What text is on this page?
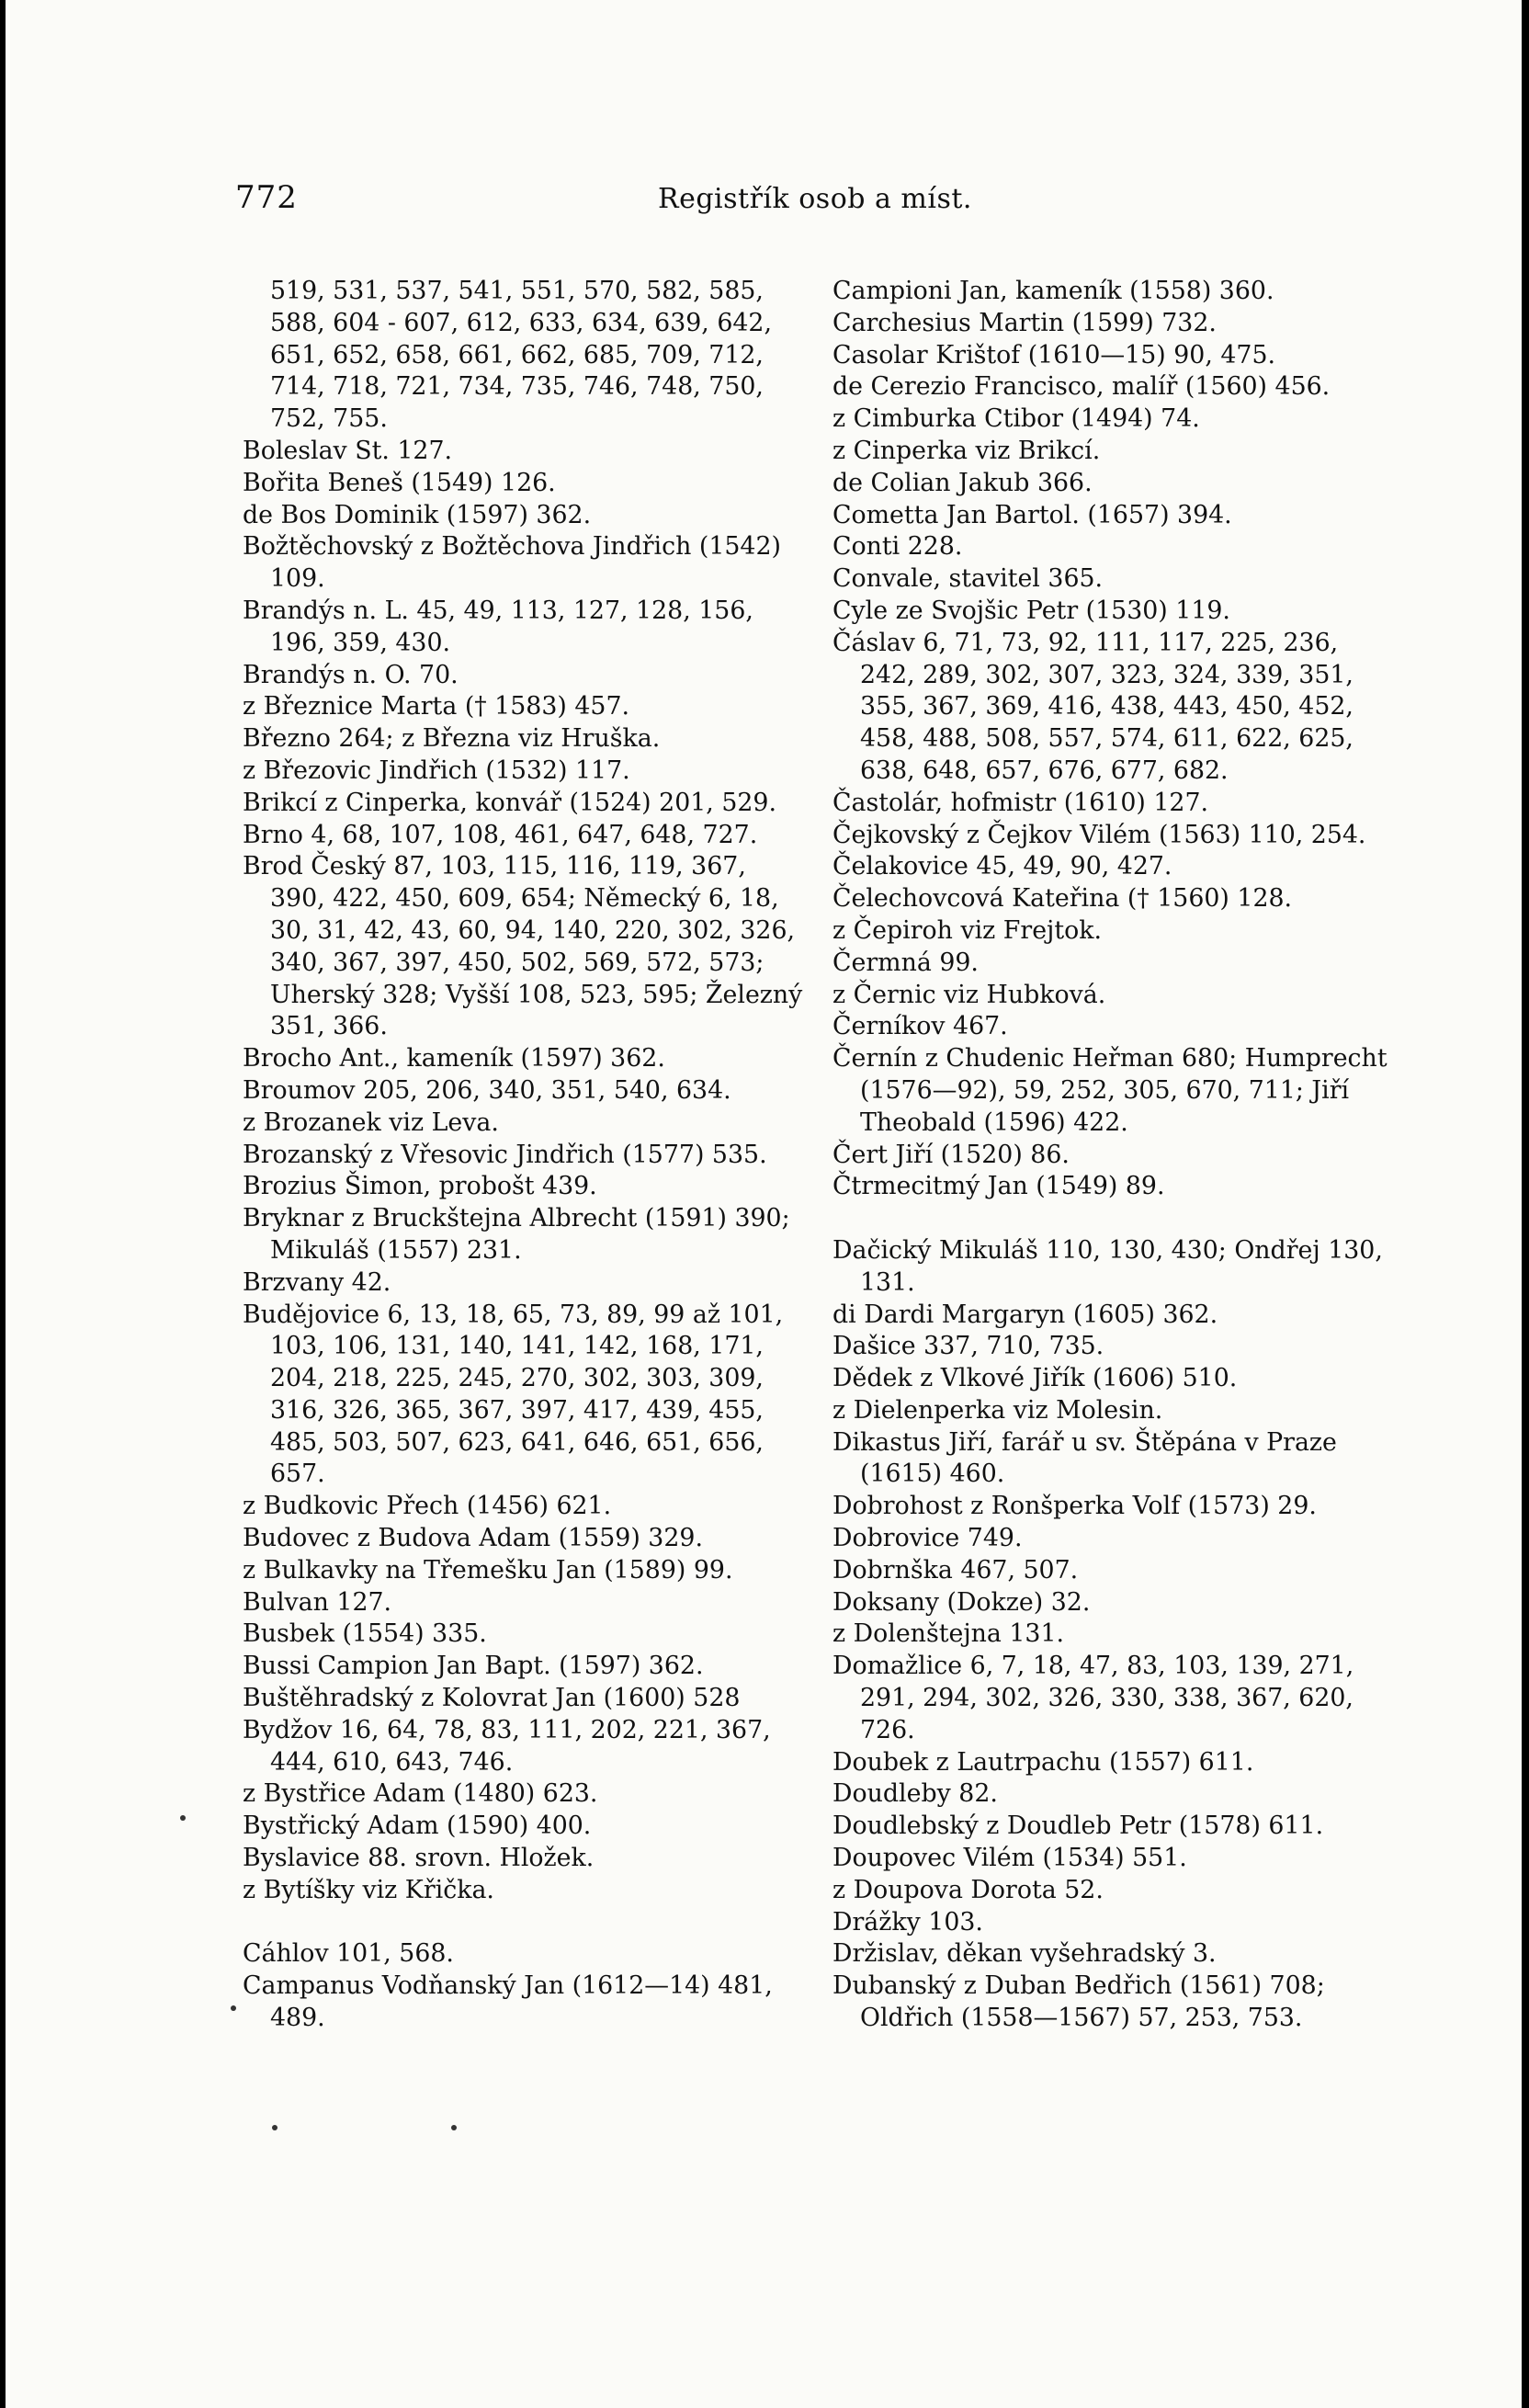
772	Registřík osob a míst.

519, 531, 537, 541, 551, 570, 582, 585, 588, 604 - 607, 612, 633, 634, 639, 642, 651, 652, 658, 661, 662, 685, 709, 712, 714, 718, 721, 734, 735, 746, 748, 750, 752, 755.

Boleslav St. 127.

Bořita Beneš (1549) 126.

de Bos Dominik (1597) 362.

Božtěchovský z Božtěchova Jindřich (1542) 109.

Brandýs n. L. 45, 49, 113, 127, 128, 156, 196, 359, 430.

Brandýs n. O. 70.

z Březnice Marta († 1583) 457.

Březno 264; z Března viz Hruška.

z Březovic Jindřich (1532) 117.

Brikcí z Cinperka, konvář (1524) 201, 529.

Brno 4, 68, 107, 108, 461, 647, 648, 727.

Brod Český 87, 103, 115, 116, 119, 367, 390, 422, 450, 609, 654; Německý 6, 18, 30, 31, 42, 43, 60, 94, 140, 220, 302, 326, 340, 367, 397, 450, 502, 569, 572, 573; Uherský 328; Vyšší 108, 523, 595; Železný 351, 366.

Brocho Ant., kameník (1597) 362.

Broumov 205, 206, 340, 351, 540, 634.

z Brozanek viz Leva.

Brozanský z Vřesovic Jindřich (1577) 535.

Brozius Šimon, probošt 439.

Bryknar z Bruckštejna Albrecht (1591) 390; Mikuláš (1557) 231.

Brzvany 42.

Budějovice 6, 13, 18, 65, 73, 89, 99 až 101, 103, 106, 131, 140, 141, 142, 168, 171, 204, 218, 225, 245, 270, 302, 303, 309, 316, 326, 365, 367, 397, 417, 439, 455, 485, 503, 507, 623, 641, 646, 651, 656, 657.

z Budkovic Přech (1456) 621.

Budovec z Budova Adam (1559) 329.

z Bulkavky na Třemešku Jan (1589) 99.

Bulvan 127.

Busbek (1554) 335.

Bussi Campion Jan Bapt. (1597) 362.

Buštěhradský z Kolovrat Jan (1600) 528

Bydžov 16, 64, 78, 83, 111, 202, 221, 367, 444, 610, 643, 746.

z Bystřice Adam (1480) 623.

Bystřický Adam (1590) 400.

Byslavice 88. srovn. Hložek.

z Bytíšky viz Křička.

Cáhlov 101, 568.

Campanus Vodňanský Jan (1612—14) 481, 489.

Campioni Jan, kameník (1558) 360.

Carchesius Martin (1599) 732.

Casolar Krištof (1610—15) 90, 475.

de Cerezio Francisco, malíř (1560) 456.

z Cimburka Ctibor (1494) 74.

z Cinperka viz Brikcí.

de Colian Jakub 366.

Cometta Jan Bartol. (1657) 394.

Conti 228.

Convale, stavitel 365.

Cyle ze Svojšic Petr (1530) 119.

Čáslav 6, 71, 73, 92, 111, 117, 225, 236, 242, 289, 302, 307, 323, 324, 339, 351, 355, 367, 369, 416, 438, 443, 450, 452, 458, 488, 508, 557, 574, 611, 622, 625, 638, 648, 657, 676, 677, 682.

Častolár, hofmistr (1610) 127.

Čejkovský z Čejkov Vilém (1563) 110, 254.

Čelakovice 45, 49, 90, 427.

Čelechovcová Kateřina († 1560) 128.

z Čepiroh viz Frejtok.

Čermná 99.

z Černic viz Hubková.

Černíkov 467.

Černín z Chudenic Heřman 680; Humprecht (1576—92), 59, 252, 305, 670, 711; Jiří Theobald (1596) 422.

Čert Jiří (1520) 86.

Čtrmecitmý Jan (1549) 89.

Dačický Mikuláš 110, 130, 430; Ondřej 130, 131.

di Dardi Margaryn (1605) 362.

Dašice 337, 710, 735.

Dědek z Vlkové Jiřík (1606) 510.

z Dielenperka viz Molesin.

Dikastus Jiří, farář u sv. Štěpána v Praze (1615) 460.

Dobrohost z Ronšperka Volf (1573) 29.

Dobrovice 749.

Dobrnška 467, 507.

Doksany (Dokze) 32.

z Dolenštejna 131.

Domažlice 6, 7, 18, 47, 83, 103, 139, 271, 291, 294, 302, 326, 330, 338, 367, 620, 726.

Doubek z Lautrpachu (1557) 611.

Doudleby 82.

Doudlebský z Doudleb Petr (1578) 611.

Doupovec Vilém (1534) 551.

z Doupova Dorota 52.

Drážky 103.

Držislav, děkan vyšehradský 3.

Dubanský z Duban Bedřich (1561) 708; Oldřich (1558—1567) 57, 253, 753.
